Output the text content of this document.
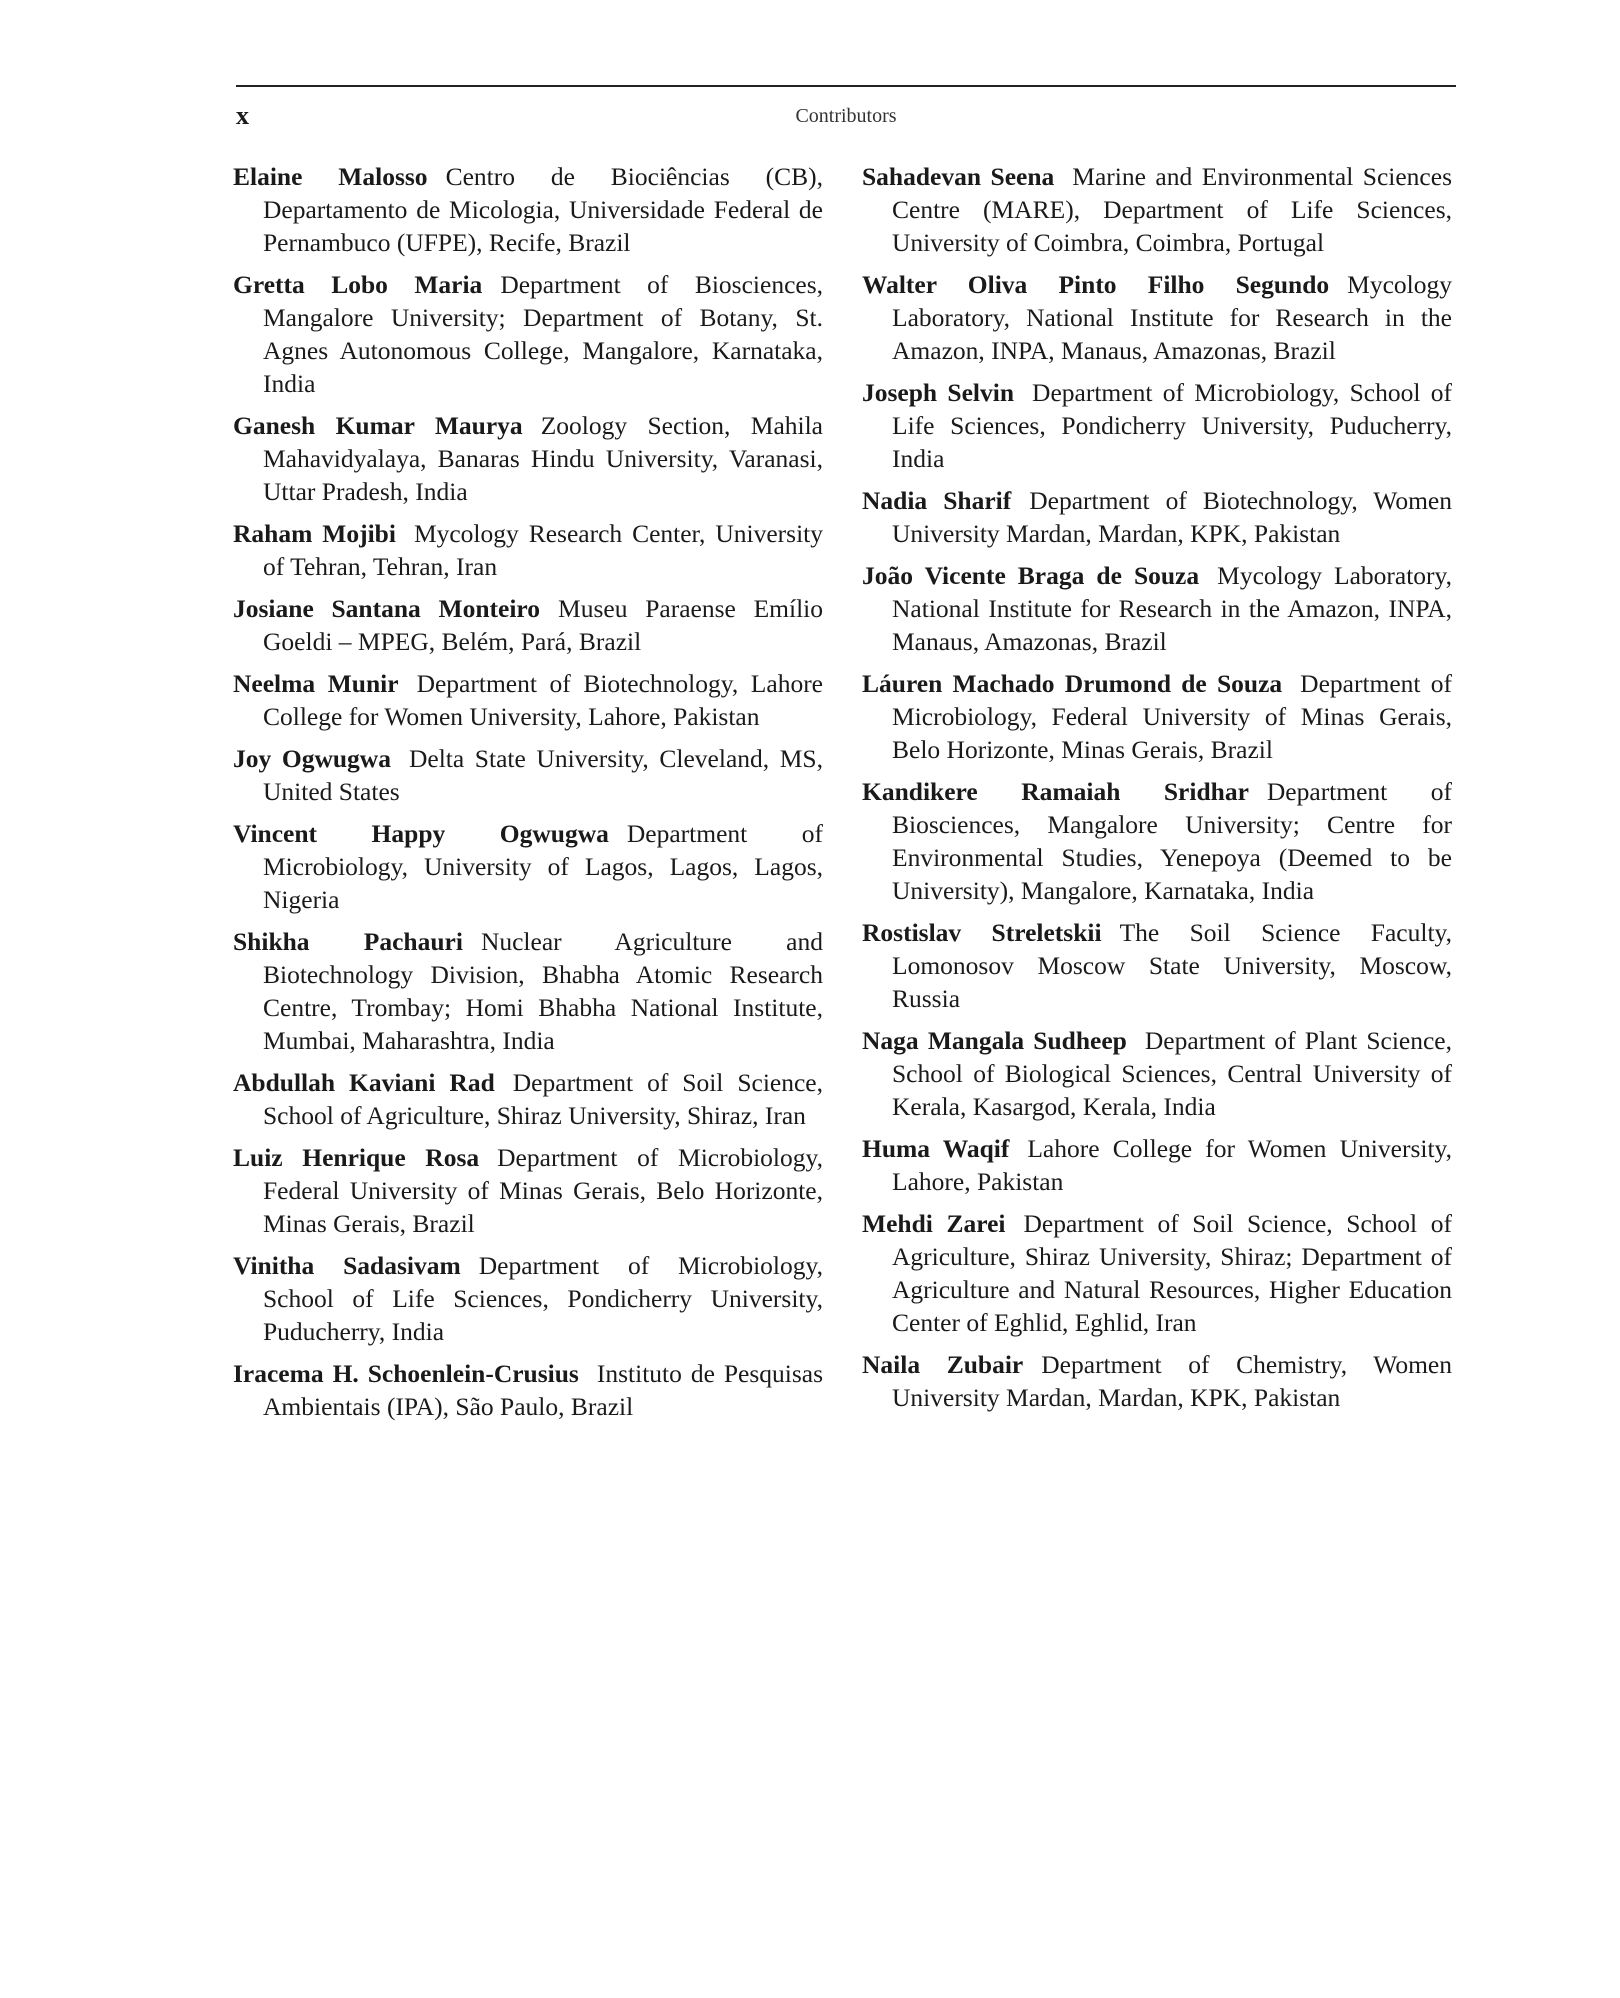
x	Contributors

Elaine Malosso Centro de Biociências (CB), Departamento de Micologia, Universidade Federal de Pernambuco (UFPE), Recife, Brazil

Gretta Lobo Maria Department of Biosciences, Mangalore University; Department of Botany, St. Agnes Autonomous College, Mangalore, Karnataka, India

Ganesh Kumar Maurya Zoology Section, Mahila Mahavidyalaya, Banaras Hindu University, Varanasi, Uttar Pradesh, India

Raham Mojibi Mycology Research Center, University of Tehran, Tehran, Iran

Josiane Santana Monteiro Museu Paraense Emílio Goeldi – MPEG, Belém, Pará, Brazil

Neelma Munir Department of Biotechnology, Lahore College for Women University, Lahore, Pakistan

Joy Ogwugwa Delta State University, Cleveland, MS, United States

Vincent Happy Ogwugwa Department of Microbiology, University of Lagos, Lagos, Lagos, Nigeria

Shikha Pachauri Nuclear Agriculture and Biotechnology Division, Bhabha Atomic Research Centre, Trombay; Homi Bhabha National Institute, Mumbai, Maharashtra, India

Abdullah Kaviani Rad Department of Soil Science, School of Agriculture, Shiraz University, Shiraz, Iran

Luiz Henrique Rosa Department of Microbiology, Federal University of Minas Gerais, Belo Horizonte, Minas Gerais, Brazil

Vinitha Sadasivam Department of Microbiology, School of Life Sciences, Pondicherry University, Puducherry, India

Iracema H. Schoenlein-Crusius Instituto de Pesquisas Ambientais (IPA), São Paulo, Brazil

Sahadevan Seena Marine and Environmental Sciences Centre (MARE), Department of Life Sciences, University of Coimbra, Coimbra, Portugal

Walter Oliva Pinto Filho Segundo Mycology Laboratory, National Institute for Research in the Amazon, INPA, Manaus, Amazonas, Brazil

Joseph Selvin Department of Microbiology, School of Life Sciences, Pondicherry University, Puducherry, India

Nadia Sharif Department of Biotechnology, Women University Mardan, Mardan, KPK, Pakistan

João Vicente Braga de Souza Mycology Laboratory, National Institute for Research in the Amazon, INPA, Manaus, Amazonas, Brazil

Láuren Machado Drumond de Souza Department of Microbiology, Federal University of Minas Gerais, Belo Horizonte, Minas Gerais, Brazil

Kandikere Ramaiah Sridhar Department of Biosciences, Mangalore University; Centre for Environmental Studies, Yenepoya (Deemed to be University), Mangalore, Karnataka, India

Rostislav Streletskii The Soil Science Faculty, Lomonosov Moscow State University, Moscow, Russia

Naga Mangala Sudheep Department of Plant Science, School of Biological Sciences, Central University of Kerala, Kasargod, Kerala, India

Huma Waqif Lahore College for Women University, Lahore, Pakistan

Mehdi Zarei Department of Soil Science, School of Agriculture, Shiraz University, Shiraz; Department of Agriculture and Natural Resources, Higher Education Center of Eghlid, Eghlid, Iran

Naila Zubair Department of Chemistry, Women University Mardan, Mardan, KPK, Pakistan
